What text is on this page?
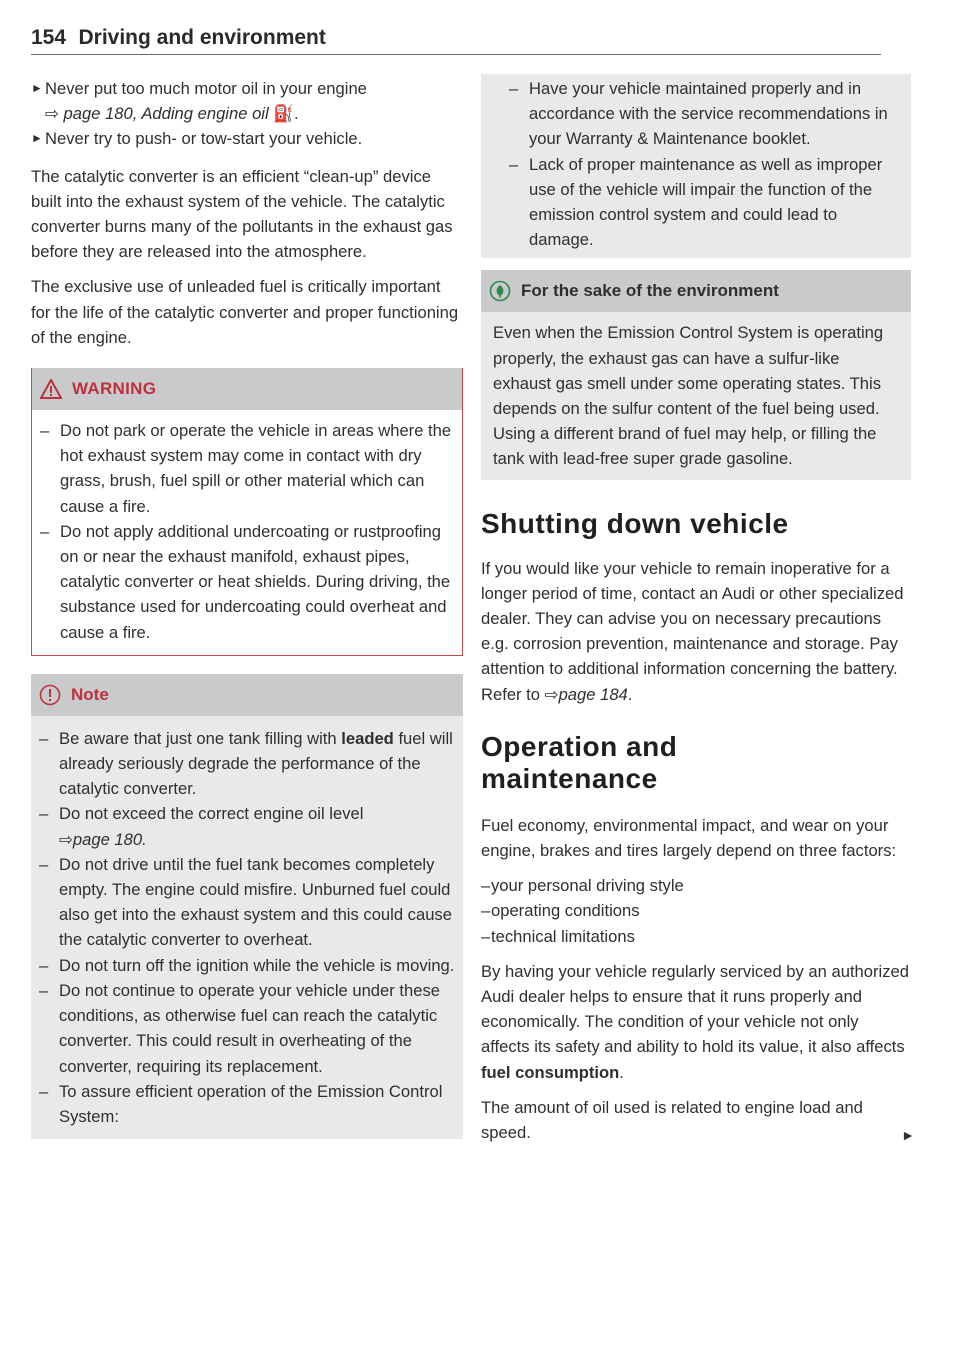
154 Driving and environment

► Never put too much motor oil in your engine

⇨ page 180, Adding engine oil ⛽.

► Never try to push- or tow-start your vehicle.

The catalytic converter is an efficient “clean-up” device built into the exhaust system of the vehicle. The catalytic converter burns many of the pollutants in the exhaust gas before they are released into the atmosphere.

The exclusive use of unleaded fuel is critically important for the life of the catalytic converter and proper functioning of the engine.

WARNING
– Do not park or operate the vehicle in areas where the hot exhaust system may come in contact with dry grass, brush, fuel spill or other material which can cause a fire.
– Do not apply additional undercoating or rustproofing on or near the exhaust manifold, exhaust pipes, catalytic converter or heat shields. During driving, the substance used for undercoating could overheat and cause a fire.
Note
– Be aware that just one tank filling with leaded fuel will already seriously degrade the performance of the catalytic converter.
– Do not exceed the correct engine oil level
⇨page 180.
– Do not drive until the fuel tank becomes completely empty. The engine could misfire. Unburned fuel could also get into the exhaust system and this could cause the catalytic converter to overheat.
– Do not turn off the ignition while the vehicle is moving.
– Do not continue to operate your vehicle under these conditions, as otherwise fuel can reach the catalytic converter. This could result in overheating of the converter, requiring its replacement.
– To assure efficient operation of the Emission Control System:
– Have your vehicle maintained properly and in accordance with the service recommendations in your Warranty & Maintenance booklet.
– Lack of proper maintenance as well as improper use of the vehicle will impair the function of the emission control system and could lead to damage.
For the sake of the environment

Even when the Emission Control System is operating properly, the exhaust gas can have a sulfur-like exhaust gas smell under some operating states. This depends on the sulfur content of the fuel being used. Using a different brand of fuel may help, or filling the tank with lead-free super grade gasoline.

Shutting down vehicle

If you would like your vehicle to remain inoperative for a longer period of time, contact an Audi or other specialized dealer. They can advise you on necessary precautions e.g. corrosion prevention, maintenance and storage. Pay attention to additional information concerning the battery. Refer to ⇨page 184.

Operation and
maintenance

Fuel economy, environmental impact, and wear on your engine, brakes and tires largely depend on three factors:

– your personal driving style
– operating conditions
– technical limitations

By having your vehicle regularly serviced by an authorized Audi dealer helps to ensure that it runs properly and economically. The condition of your vehicle not only affects its safety and ability to hold its value, it also affects fuel consumption.

The amount of oil used is related to engine load and speed.	►
